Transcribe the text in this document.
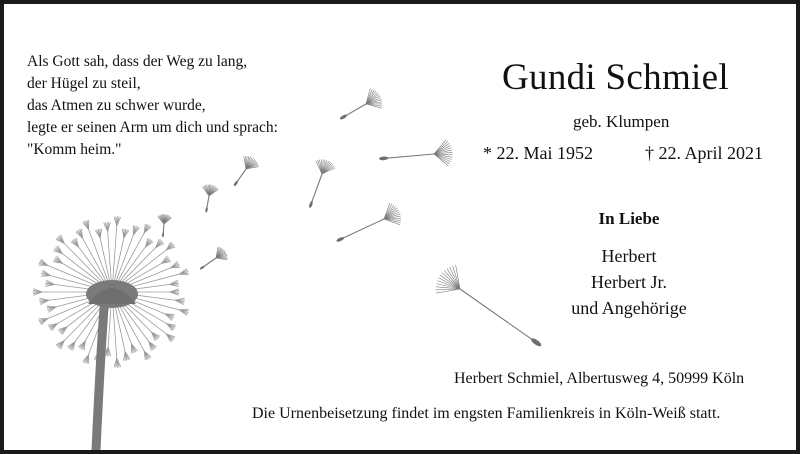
Als Gott sah, dass der Weg zu lang,
der Hügel zu steil,
das Atmen zu schwer wurde,
legte er seinen Arm um dich und sprach:
"Komm heim."
Gundi Schmiel
geb. Klumpen
* 22. Mai 1952	† 22. April 2021
In Liebe
Herbert
Herbert Jr.
und Angehörige
Herbert Schmiel, Albertusweg 4, 50999 Köln
Die Urnenbeisetzung findet im engsten Familienkreis in Köln-Weiß statt.
